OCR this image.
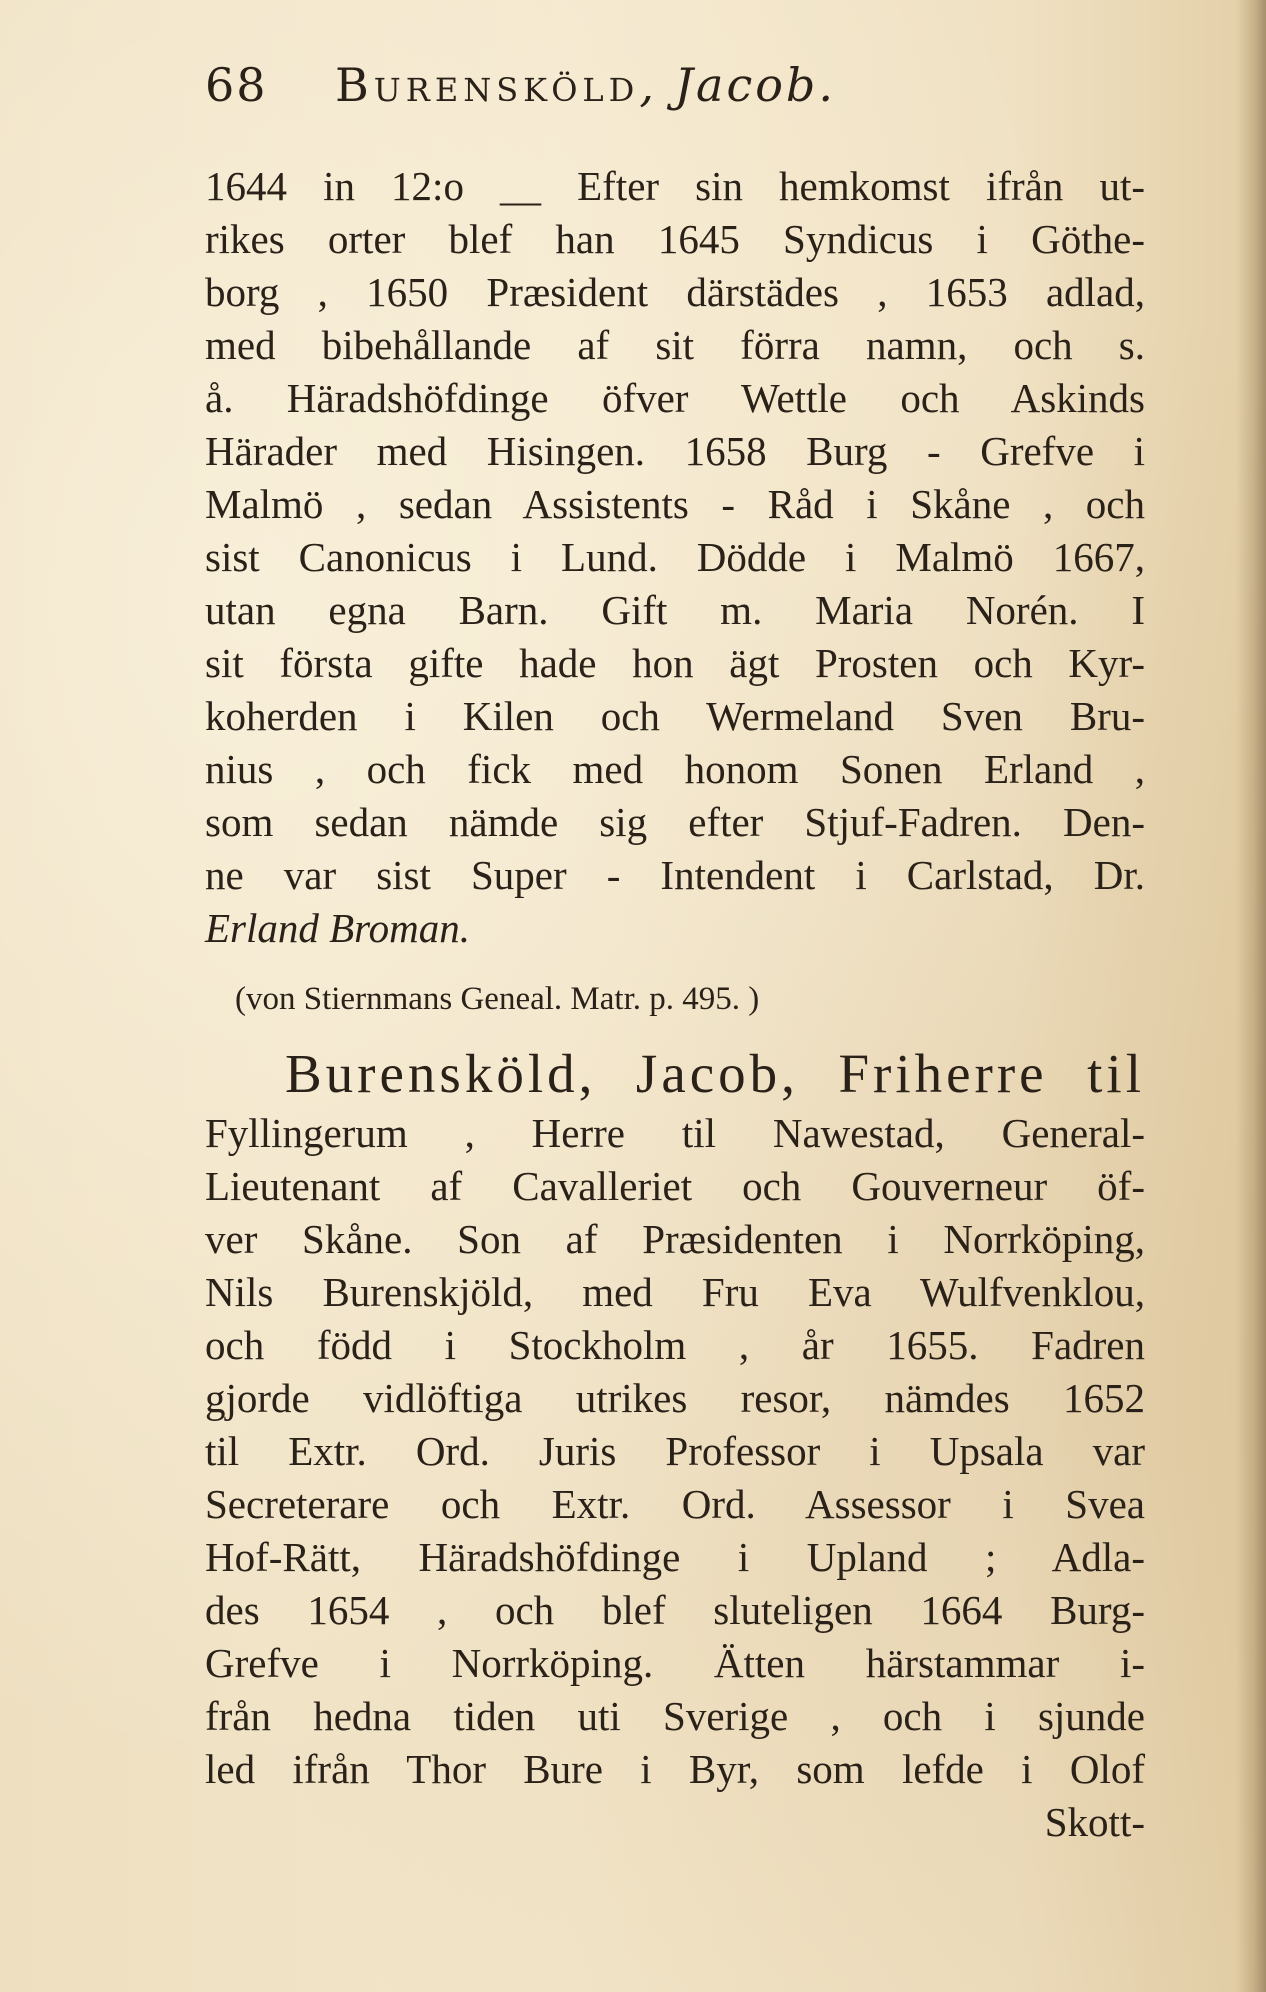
68 Burensköld, Jacob.
1644 in 12:o __ Efter sin hemkomst ifrån ut-
rikes orter blef han 1645 Syndicus i Göthe-
borg , 1650 Præsident därstädes , 1653 adlad,
med bibehållande af sit förra namn, och s.
å. Häradshöfdinge öfver Wettle och Askinds
Härader med Hisingen. 1658 Burg - Grefve i
Malmö , sedan Assistents - Råd i Skåne , och
sist Canonicus i Lund. Dödde i Malmö 1667,
utan egna Barn. Gift m. Maria Norén. I
sit första gifte hade hon ägt Prosten och Kyr-
koherden i Kilen och Wermeland Sven Bru-
nius , och fick med honom Sonen Erland ,
som sedan nämde sig efter Stjuf-Fadren. Den-
ne var sist Super - Intendent i Carlstad, Dr.
Erland Broman.
(von Stiernmans Geneal. Matr. p. 495. )
Burensköld, Jacob, Friherre til
Fyllingerum , Herre til Nawestad, General-
Lieutenant af Cavalleriet och Gouverneur öf-
ver Skåne. Son af Præsidenten i Norrköping,
Nils Burenskjöld, med Fru Eva Wulfvenklou,
och född i Stockholm , år 1655. Fadren
gjorde vidlöftiga utrikes resor, nämdes 1652
til Extr. Ord. Juris Professor i Upsala var
Secreterare och Extr. Ord. Assessor i Svea
Hof-Rätt, Häradshöfdinge i Upland ; Adla-
des 1654 , och blef sluteligen 1664 Burg-
Grefve i Norrköping. Ätten härstammar i-
från hedna tiden uti Sverige , och i sjunde
led ifrån Thor Bure i Byr, som lefde i Olof
Skott-
